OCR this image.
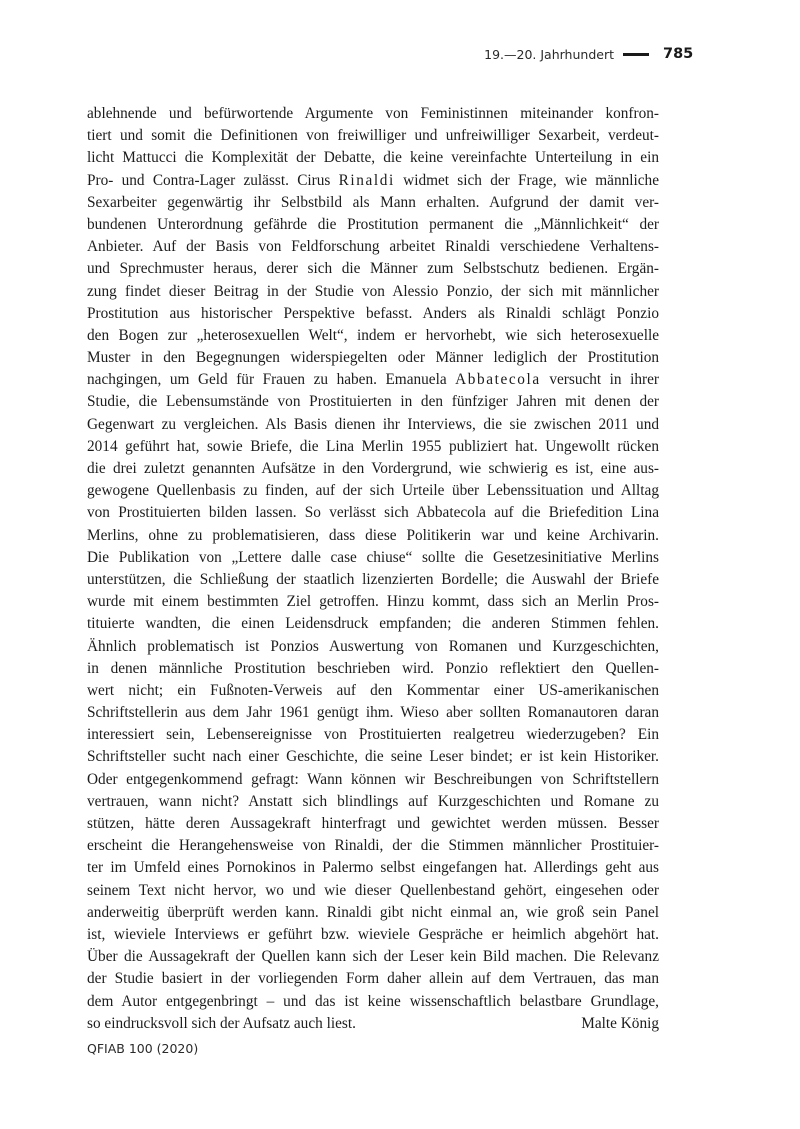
19.—20. Jahrhundert	785
ablehnende und befürwortende Argumente von Feministinnen miteinander konfron-
tiert und somit die Definitionen von freiwilliger und unfreiwilliger Sexarbeit, verdeut-
licht Mattucci die Komplexität der Debatte, die keine vereinfachte Unterteilung in ein
Pro- und Contra-Lager zulässt. Cirus Rinaldi widmet sich der Frage, wie männliche
Sexarbeiter gegenwärtig ihr Selbstbild als Mann erhalten. Aufgrund der damit ver-
bundenen Unterordnung gefährde die Prostitution permanent die „Männlichkeit“ der
Anbieter. Auf der Basis von Feldforschung arbeitet Rinaldi verschiedene Verhaltens-
und Sprechmuster heraus, derer sich die Männer zum Selbstschutz bedienen. Ergän-
zung findet dieser Beitrag in der Studie von Alessio Ponzio, der sich mit männlicher
Prostitution aus historischer Perspektive befasst. Anders als Rinaldi schlägt Ponzio
den Bogen zur „heterosexuellen Welt“, indem er hervorhebt, wie sich heterosexuelle
Muster in den Begegnungen widerspiegelten oder Männer lediglich der Prostitution
nachgingen, um Geld für Frauen zu haben. Emanuela Abbatecola versucht in ihrer
Studie, die Lebensumstände von Prostituierten in den fünfziger Jahren mit denen der
Gegenwart zu vergleichen. Als Basis dienen ihr Interviews, die sie zwischen 2011 und
2014 geführt hat, sowie Briefe, die Lina Merlin 1955 publiziert hat. Ungewollt rücken
die drei zuletzt genannten Aufsätze in den Vordergrund, wie schwierig es ist, eine aus-
gewogene Quellenbasis zu finden, auf der sich Urteile über Lebenssituation und Alltag
von Prostituierten bilden lassen. So verlässt sich Abbatecola auf die Briefedition Lina
Merlins, ohne zu problematisieren, dass diese Politikerin war und keine Archivarin.
Die Publikation von „Lettere dalle case chiuse“ sollte die Gesetzesinitiative Merlins
unterstützen, die Schließung der staatlich lizenzierten Bordelle; die Auswahl der Briefe
wurde mit einem bestimmten Ziel getroffen. Hinzu kommt, dass sich an Merlin Pros-
tituierte wandten, die einen Leidensdruck empfanden; die anderen Stimmen fehlen.
Ähnlich problematisch ist Ponzios Auswertung von Romanen und Kurzgeschichten,
in denen männliche Prostitution beschrieben wird. Ponzio reflektiert den Quellen-
wert nicht; ein Fußnoten-Verweis auf den Kommentar einer US-amerikanischen
Schriftstellerin aus dem Jahr 1961 genügt ihm. Wieso aber sollten Romanautoren daran
interessiert sein, Lebensereignisse von Prostituierten realgetreu wiederzugeben? Ein
Schriftsteller sucht nach einer Geschichte, die seine Leser bindet; er ist kein Historiker.
Oder entgegenkommend gefragt: Wann können wir Beschreibungen von Schriftstellern
vertrauen, wann nicht? Anstatt sich blindlings auf Kurzgeschichten und Romane zu
stützen, hätte deren Aussagekraft hinterfragt und gewichtet werden müssen. Besser
erscheint die Herangehensweise von Rinaldi, der die Stimmen männlicher Prostituier-
ter im Umfeld eines Pornokinos in Palermo selbst eingefangen hat. Allerdings geht aus
seinem Text nicht hervor, wo und wie dieser Quellenbestand gehört, eingesehen oder
anderweitig überprüft werden kann. Rinaldi gibt nicht einmal an, wie groß sein Panel
ist, wieviele Interviews er geführt bzw. wieviele Gespräche er heimlich abgehört hat.
Über die Aussagekraft der Quellen kann sich der Leser kein Bild machen. Die Relevanz
der Studie basiert in der vorliegenden Form daher allein auf dem Vertrauen, das man
dem Autor entgegenbringt – und das ist keine wissenschaftlich belastbare Grundlage,
so eindrucksvoll sich der Aufsatz auch liest.	Malte König
QFIAB 100 (2020)
